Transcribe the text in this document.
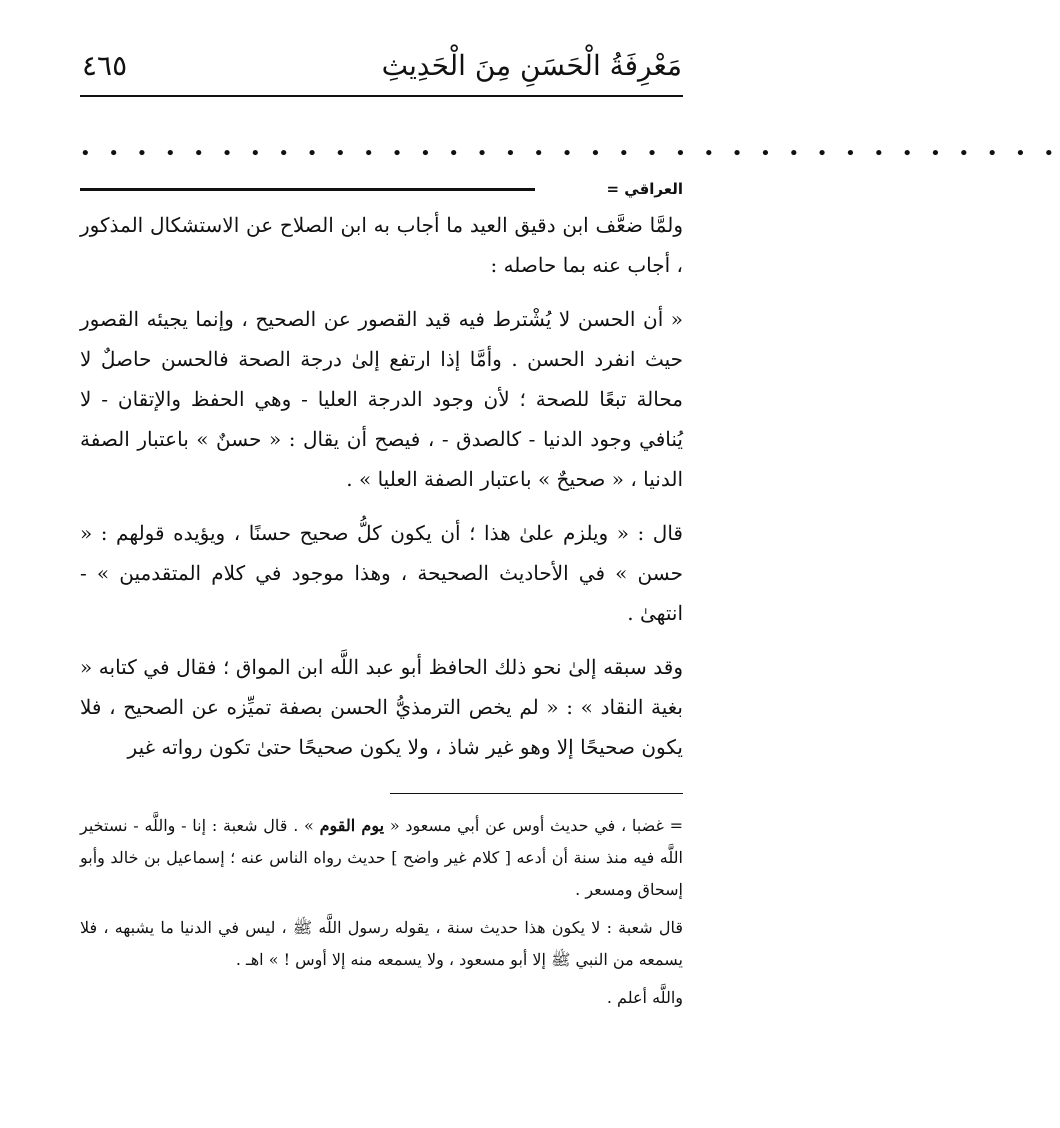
مَعْرِفَةُ الْحَسَنِ مِنَ الْحَدِيثِ
٤٦٥
• • • • • • • • • • • • • • • • • • • • • • • • • • • • • • • • • • •
العراقي =

ولمَّا ضعَّف ابن دقيق العيد ما أجاب به ابن الصلاح عن الاستشكال المذكور ، أجاب عنه بما حاصله :

« أن الحسن لا يُشْترط فيه قيد القصور عن الصحيح ، وإنما يجيئه القصور حيث انفرد الحسن . وأمَّا إذا ارتفع إلىٰ درجة الصحة فالحسن حاصلٌ لا محالة تبعًا للصحة ؛ لأن وجود الدرجة العليا - وهي الحفظ والإتقان - لا يُنافي وجود الدنيا - كالصدق - ، فيصح أن يقال : « حسنٌ » باعتبار الصفة الدنيا ، « صحيحٌ » باعتبار الصفة العليا » .

قال : « ويلزم علىٰ هذا ؛ أن يكون كلُّ صحيح حسنًا ، ويؤيده قولهم : « حسن » في الأحاديث الصحيحة ، وهذا موجود في كلام المتقدمين » - انتهىٰ .

وقد سبقه إلىٰ نحو ذلك الحافظ أبو عبد اللَّه ابن المواق ؛ فقال في كتابه « بغية النقاد » : « لم يخص الترمذيُّ الحسن بصفة تميِّزه عن الصحيح ، فلا يكون صحيحًا إلا وهو غير شاذ ، ولا يكون صحيحًا حتىٰ تكون رواته غير

= غضبا ، في حديث أوس عن أبي مسعود « يوم القوم » . قال شعبة : إنا - واللَّه - نستخير اللَّه فيه منذ سنة أن أدعه [ كلام غير واضح ] حديث رواه الناس عنه ؛ إسماعيل بن خالد وأبو إسحاق ومسعر .

قال شعبة : لا يكون هذا حديث سنة ، يقوله رسول اللَّه ﷺ ، ليس في الدنيا ما يشبهه ، فلا يسمعه من النبي ﷺ إلا أبو مسعود ، ولا يسمعه منه إلا أوس ! » اهـ .

واللَّه أعلم .
